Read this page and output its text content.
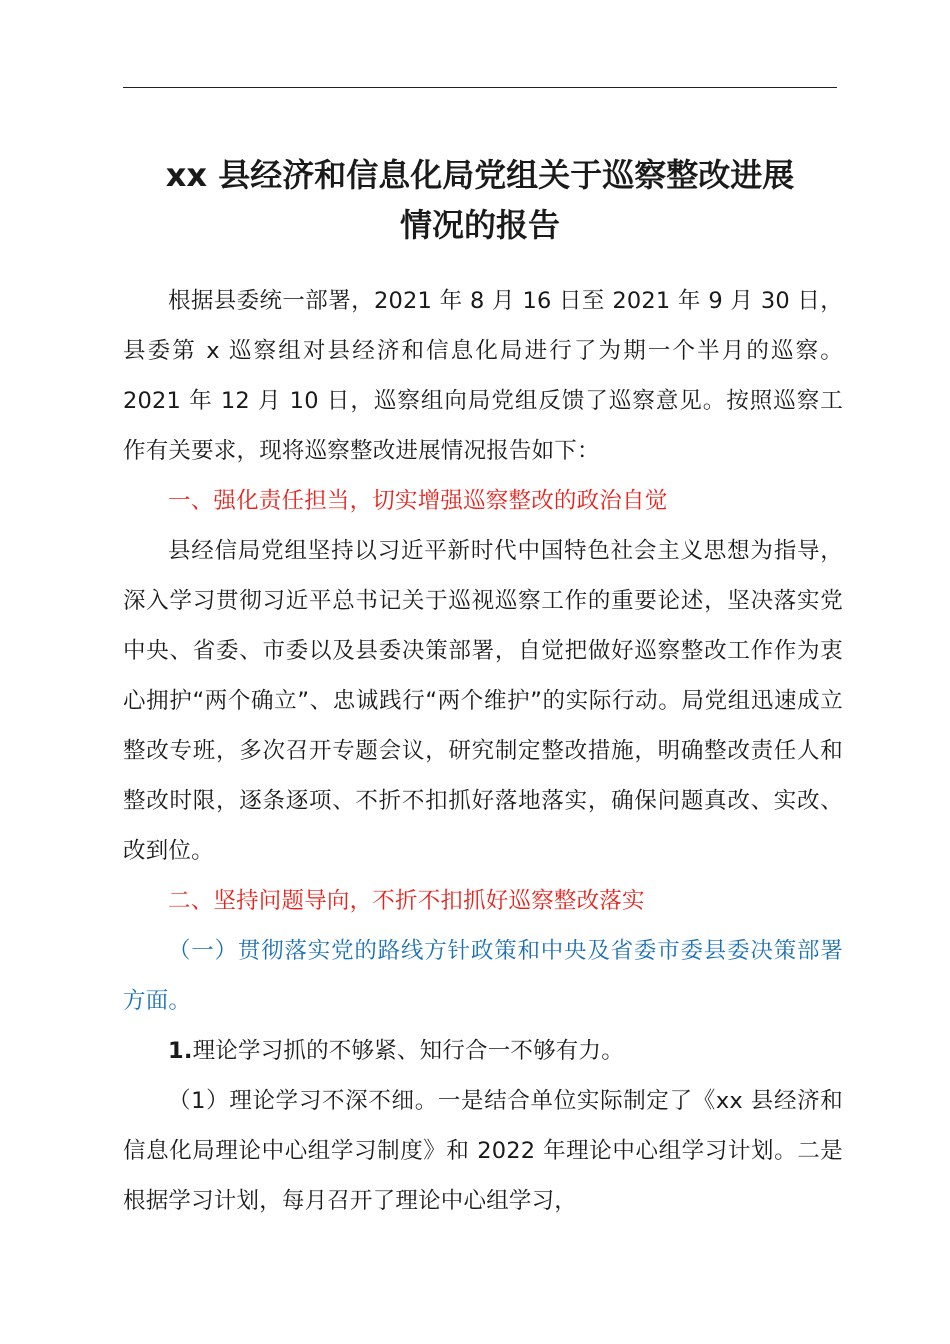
xx 县经济和信息化局党组关于巡察整改进展
情况的报告

根据县委统一部署，2021 年 8 月 16 日至 2021 年 9 月 30 日，县委第 x 巡察组对县经济和信息化局进行了为期一个半月的巡察。2021 年 12 月 10 日，巡察组向局党组反馈了巡察意见。按照巡察工作有关要求，现将巡察整改进展情况报告如下：

一、强化责任担当，切实增强巡察整改的政治自觉

县经信局党组坚持以习近平新时代中国特色社会主义思想为指导，深入学习贯彻习近平总书记关于巡视巡察工作的重要论述，坚决落实党中央、省委、市委以及县委决策部署，自觉把做好巡察整改工作作为衷心拥护“两个确立”、忠诚践行“两个维护”的实际行动。局党组迅速成立整改专班，多次召开专题会议，研究制定整改措施，明确整改责任人和整改时限，逐条逐项、不折不扣抓好落地落实，确保问题真改、实改、改到位。

二、坚持问题导向，不折不扣抓好巡察整改落实

（一）贯彻落实党的路线方针政策和中央及省委市委县委决策部署方面。

1.理论学习抓的不够紧、知行合一不够有力。

（1）理论学习不深不细。一是结合单位实际制定了《xx 县经济和信息化局理论中心组学习制度》和 2022 年理论中心组学习计划。二是根据学习计划，每月召开了理论中心组学习，
